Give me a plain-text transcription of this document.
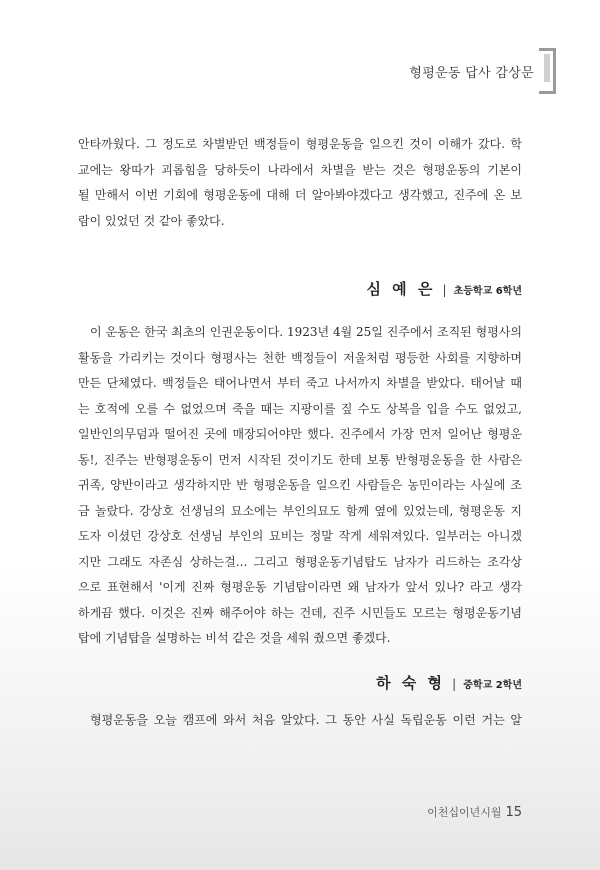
형평운동 답사 감상문
안타까웠다. 그 정도로 차별받던 백정들이 형평운동을 일으킨 것이 이해가 갔다. 학
교에는 왕따가 괴롭힘을 당하듯이 나라에서 차별을 받는 것은 형평운동의 기본이
될 만해서 이번 기회에 형평운동에 대해 더 알아봐야겠다고 생각했고, 진주에 온 보
람이 있었던 것 같아 좋았다.
심 예 은 | 초등학교 6학년
이 운동은 한국 최초의 인권운동이다. 1923년 4월 25일 진주에서 조직된 형평사의
활동을 가리키는 것이다 형평사는 천한 백정들이 저울처럼 평등한 사회를 지향하며
만든 단체였다. 백정들은 태어나면서 부터 죽고 나서까지 차별을 받았다. 태어날 때
는 호적에 오를 수 없었으며 죽을 때는 지팡이를 짚 수도 상복을 입을 수도 없었고,
일반인의무덤과 떨어진 곳에 매장되어야만 했다. 진주에서 가장 먼저 일어난 형평운
동!, 진주는 반형평운동이 먼저 시작된 것이기도 한데 보통 반형평운동을 한 사람은
귀족, 양반이라고 생각하지만 반 형평운동을 일으킨 사람들은 농민이라는 사실에 조
금 놀랐다. 강상호 선생님의 묘소에는 부인의묘도 함께 옆에 있었는데, 형평운동 지
도자 이셨던 강상호 선생님 부인의 묘비는 정말 작게 세워져있다. 일부러는 아니겠
지만 그래도 자존심 상하는걸... 그리고 형평운동기념탑도 남자가 리드하는 조각상
으로 표현해서 '이게 진짜 형평운동 기념탑이라면 왜 남자가 앞서 있나? 라고 생각
하게끔 했다. 이것은 진짜 해주어야 하는 건데, 진주 시민들도 모르는 형평운동기념
탑에 기념탑을 설명하는 비석 같은 것을 세워 줬으면 좋겠다.
하 숙 형 | 중학교 2학년
형평운동을 오늘 캠프에 와서 처음 알았다. 그 동안 사실 독립운동 이런 거는 알
이천십이년시월 15
